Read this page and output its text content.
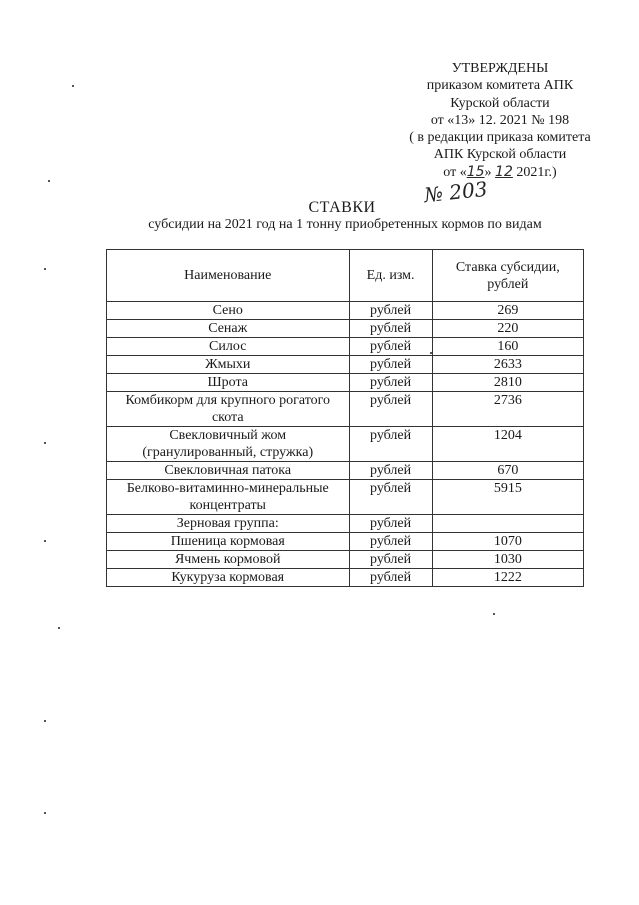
УТВЕРЖДЕНЫ
приказом комитета АПК
Курской области
от «13» 12. 2021 № 198
( в редакции приказа комитета
АПК Курской области
от «15» 12 2021г.)
№ 203
СТАВКИ
субсидии на 2021 год на 1 тонну приобретенных кормов по видам
Наименование	Ед. изм.	Ставка субсидии, рублей
Сено	рублей	269
Сенаж	рублей	220
Силос	рублей	160
Жмыхи	рублей	2633
Шрота	рублей	2810
Комбикорм для крупного рогатого скота	рублей	2736
Свекловичный жом (гранулированный, стружка)	рублей	1204
Свекловичная патока	рублей	670
Белково-витаминно-минеральные концентраты	рублей	5915
Зерновая группа:	рублей	
Пшеница кормовая	рублей	1070
Ячмень кормовой	рублей	1030
Кукуруза кормовая	рублей	1222
